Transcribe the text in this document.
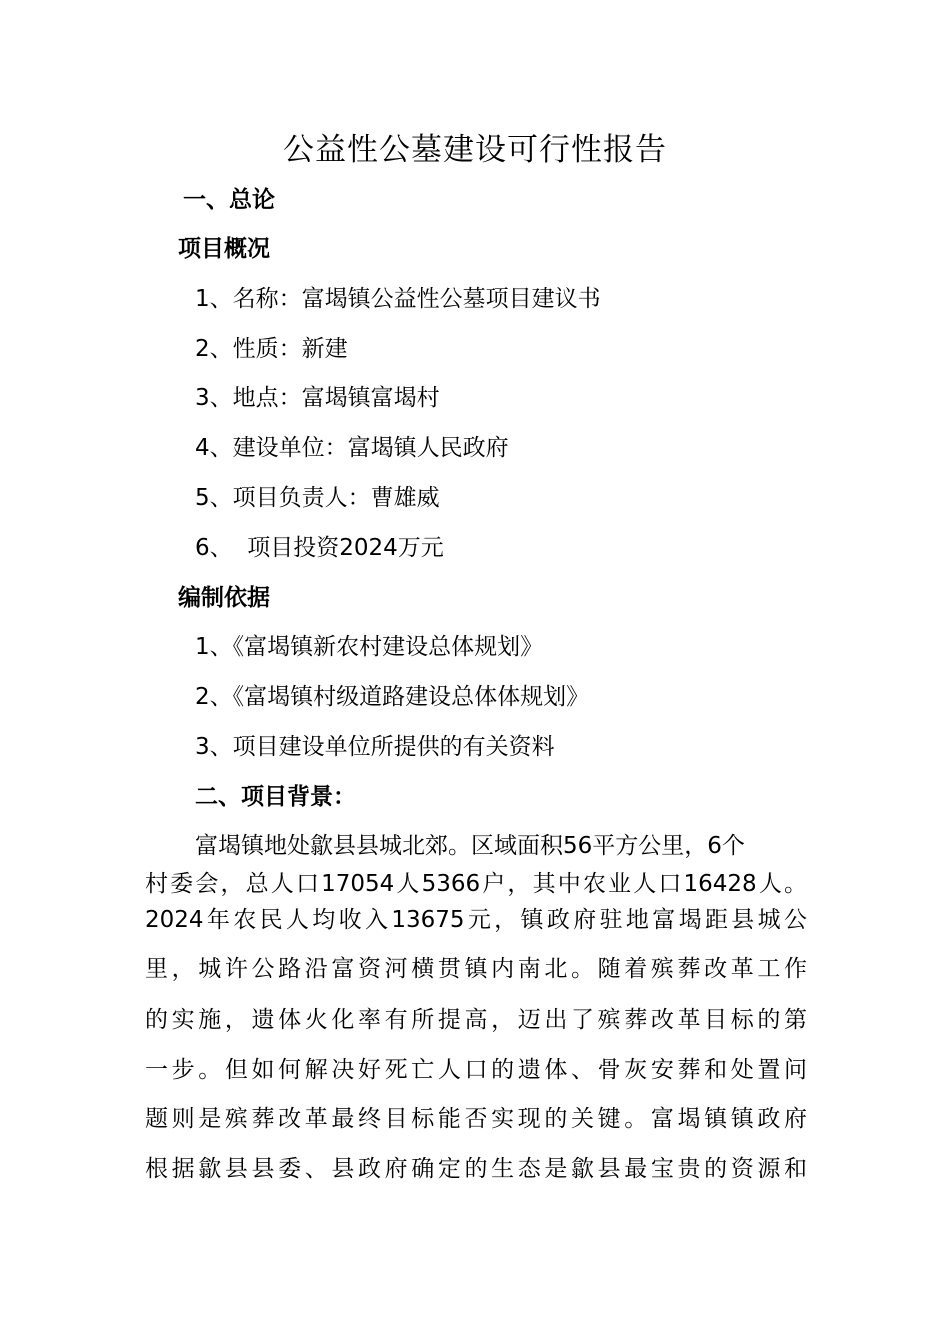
公益性公墓建设可行性报告
一、总论
项目概况
1、名称：富堨镇公益性公墓项目建议书
2、性质：新建
3、地点：富堨镇富堨村
4、建设单位：富堨镇人民政府
5、项目负责人：曹雄威
6、  项目投资2024万元
编制依据
1、《富堨镇新农村建设总体规划》
2、《富堨镇村级道路建设总体体规划》
3、项目建设单位所提供的有关资料
二、项目背景：
富堨镇地处歙县县城北郊。区域面积56平方公里，6个
村委会，总人口17054人5366户，其中农业人口16428人。
2024年农民人均收入13675元，镇政府驻地富堨距县城公
里，城许公路沿富资河横贯镇内南北。随着殡葬改革工作
的实施，遗体火化率有所提高，迈出了殡葬改革目标的第
一步。但如何解决好死亡人口的遗体、骨灰安葬和处置问
题则是殡葬改革最终目标能否实现的关键。富堨镇镇政府
根据歙县县委、县政府确定的生态是歙县最宝贵的资源和
